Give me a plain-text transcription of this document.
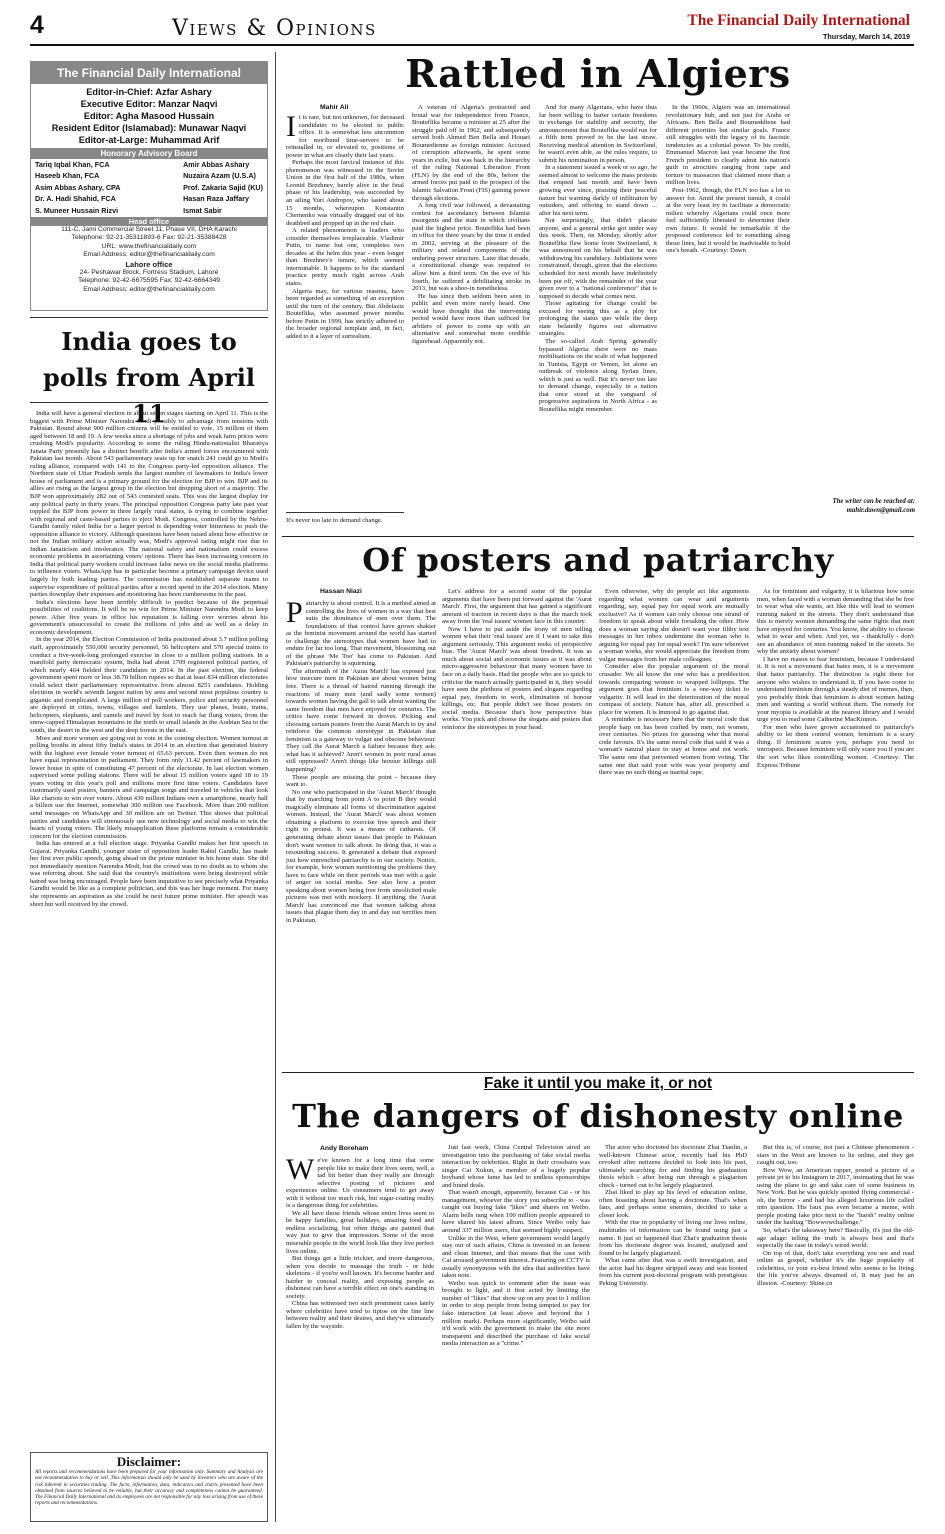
4	Views & Opinions	The Financial Daily International
Thursday, March 14, 2019
The Financial Daily International
Editor-in-Chief: Azfar Ashary
Executive Editor: Manzar Naqvi
Editor: Agha Masood Hussain
Resident Editor (Islamabad): Munawar Naqvi
Editor-at-Large: Muhammad Arif
Honorary Advisory Board
Tariq Iqbal Khan, FCA
Haseeb Khan, FCA
Asim Abbas Ashary, CPA
Dr. A. Hadi Shahid, FCA
S. Muneer Hussain Rizvi
Amir Abbas Ashary
Nuzaira Azam (U.S.A)
Prof. Zakaria Sajid (KU)
Hasan Raza Jaffary
Ismat Sabir
Head office
111-C, Jami Commercial Street 11, Phase VII, DHA Karachi
Telephone: 92-21-35311893-6 Fax: 92-21-35388428
URL: www.thefinancialdaily.com
Email Address: editor@thefinancialdaily.com
Lahore office
24- Peshawar Block, Fortress Stadium, Lahore
Telephone: 92-42-6675595 Fax: 92-42-6664349
Email Address: editor@thefinancialdaily.com
India goes to polls from April 11

India will have a general election in about seven stages starting on April 11. This is the biggest with Prime Minister Narendra Modi possibly to advantage from tensions with Pakistan. Round about 900 million citizens will be entitled to vote, 15 million of them aged between 18 and 19. A few weeks since a shortage of jobs and weak farm prices were crushing Modi's popularity. According to some the ruling Hindu-nationalist Bharatiya Janata Party presently has a distinct benefit after India's armed forces encountered with Pakistan last month. About 543 parliamentary seats up for snatch 241 could go to Modi's ruling alliance, compared with 141 to the Congress party-led opposition alliance. The Northern state of Uttar Pradesh sends the largest number of lawmakers to India's lower house of parliament and is a primary ground for the election for BJP to win. BJP and its allies are rising as the largest group in the election but dropping short of a majority. The BJP won approximately 282 out of 543 contested seats. This was the largest display for any political party in thirty years. The principal opposition Congress party late past year toppled the BJP from power in three largely rural states, is trying to combine together with regional and caste-based parties to eject Modi. Congress, controlled by the Nehru-Gandhi family ruled India for a larger period is depending voter bitterness to push the opposition alliance to victory. Although questions have been raised about how effective or not the Indian military action actually was, Modi's approval rating might rise due to Indian fanaticism and intolerance. The national safety and nationalism could excess economic problems in ascertaining voters' options. There has been increasing concern in India that political party workers could increase false news on the social media platforms to influence voters. WhatsApp has in particular become a primary campaign device used largely by both leading parties. The commission has established separate teams to supervise expenditure of political parties after a record spend in the 2014 election. Many parties downplay their expenses and monitoring has been cumbersome in the past.

India's elections have been terribly difficult to predict because of the perpetual possibilities of coalitions. It will be no win for Prime Minister Narendra Modi to keep power. After five years in office his reputation is falling over worries about his government's unsuccessful to create the millions of jobs and as well as a delay in economic development.

In the year 2014, the Election Commission of India positioned about 3.7 million polling staff, approximately 550,000 security personnel, 56 helicopters and 570 special trains to conduct a five-week-long prolonged exercise in close to a million polling stations. In a manifold party democratic system, India had about 1709 registered political parties, of which nearly 464 fielded their candidates in 2014. In the past election, the federal government spent more or less 38.70 billion rupees so that at least 834 million electorates could select their parliamentary representative from almost 8251 candidates. Holding elections in world's seventh largest nation by area and second most populous country is gigantic and complicated. A large million of poll workers, police and security personnel are deployed in cities, towns, villages and hamlets. They use planes, boats, trains, helicopters, elephants, and camels and travel by foot to reach far flung voters, from the snow-capped Himalayan mountains in the north to small islands in the Arabian Sea to the south, the desert in the west and the deep forests in the east.

More and more women are going out to vote in the coming election. Women turnout at polling booths in about fifty India's states in 2014 in an election that generated history with the highest ever female voter turnout of 65.63 percent. Even then women do not have equal representation in parliament. They form only 11.42 percent of lawmakers in lower house in spite of constituting 47 percent of the electorate. In last election women supervised some polling stations. There will be about 15 million voters aged 18 to 19 years voting in this year's poll and millions more first time voters. Candidates have customarily used posters, banners and campaign songs and traveled in vehicles that look like chariots to win over voters. About 430 million Indians own a smartphone, nearly half a billion use the Internet, somewhat 300 million use Facebook. More than 200 million send messages on WhatsApp and 30 million are on Twitter. This shows that political parties and candidates will strenuously use new technology and social media to win the hearts of young voters. The likely misapplication these platforms remain a considerable concern for the election commission.

India has entered at a full election stage. Priyanka Gandhi makes her first speech in Gujarat. Priyanka Gandhi, younger sister of opposition leader Rahul Gandhi, has made her first ever public speech, going ahead on the prime minister in his home state. She did not immediately mention Narendra Modi, but the crowd was in no doubt as to whom she was referring about. She said that the country's institutions were being destroyed while hatred was being encouraged. People have been inquisitive to see precisely what Priyanka Gandhi would be like as a complete politician, and this was her huge moment. For many she represents an aspiration as she could be next future prime minister. Her speech was short but well received by the crowd.

Disclaimer:
All reports and recommendations have been prepared for your information only. Summary and Analysis are not recommendation to buy or sell. This information should only be used by investors who are aware of the risk inherent in securities trading. The facts, information, data, indicators and charts presented have been obtained from sources believed to be reliable, but their accuracy and completeness cannot be guaranteed. The Financial Daily International and its employees are not responsible for any loss arising from use of these reports and recommendations.
Rattled in Algiers
Mahir Ali

It is rare, but not unknown, for deceased candidates to be elected to public office. It is somewhat less uncommon for moribund time-servers to be reinstalled in, or elevated to, positions of power in what are clearly their last years.

Perhaps the most farcical instance of this phenomenon was witnessed in the Soviet Union in the first half of the 1980s, when Leonid Brezhnev, barely alive in the final phase of his leadership, was succeeded by an ailing Yuri Andropov, who lasted about 15 months, whereupon Konstantin Chernenko was virtually dragged out of his deathbed and propped up in the red chair.

A related phenomenon is leaders who consider themselves irreplaceable. Vladimir Putin, to name but one, completes two decades at the helm this year - even longer than Brezhnev's tenure, which seemed interminable. It happens to be the standard practice pretty much right across Arab states.

Algeria may, for various reasons, have been regarded as something of an exception until the turn of the century. But Abdelaziz Bouteflika, who assumed power months before Putin in 1999, has strictly adhered to the broader regional template and, in fact, added to it a layer of surrealism.

It's never too late to demand change.

A veteran of Algeria's protracted and brutal war for independence from France, Bouteflika became a minister at 25 after the struggle paid off in 1962, and subsequently served both Ahmed Ben Bella and Houari Boumedienne as foreign minister. Accused of corruption afterwards, he spent some years in exile, but was back in the hierarchy of the ruling National Liberation Front (FLN) by the end of the 80s, before the armed forces put paid to the prospect of the Islamic Salvation Front (FIS) gaining power through elections.

A long civil war followed, a devastating contest for ascendancy between Islamist insurgents and the state in which civilians paid the highest price. Bouteflika had been in office for three years by the time it ended in 2002, serving at the pleasure of the military and related components of the enduring power structure. Later that decade, a constitutional change was required to allow him a third term. On the eve of his fourth, he suffered a debilitating stroke in 2013, but was a shoo-in nonetheless.

He has since then seldom been seen in public and even more rarely heard. One would have thought that the intervening period would have more than sufficed for arbiters of power to come up with an alternative and somewhat more credible figurehead. Apparently not.

And for many Algerians, who have thus far been willing to barter certain freedoms in exchange for stability and security, the announcement that Bouteflika would run for a fifth term proved to be the last straw. Receiving medical attention in Switzerland, he wasn't even able, as the rules require, to submit his nomination in person.

In a statement issued a week or so ago, he seemed almost to welcome the mass protests that erupted last month and have been growing ever since, praising their peaceful nature but warning darkly of infiltration by outsiders, and offering to stand down ... after his next term.

Not surprisingly, that didn't placate anyone, and a general strike got under way this week. Then, on Monday, shortly after Bouteflika flew home from Switzerland, it was announced on his behalf that he was withdrawing his candidacy. Jubilations were constrained, though, given that the elections scheduled for next month have indefinitely been put off, with the remainder of the year given over to a "national conference" that is supposed to decide what comes next.

Those agitating for change could be excused for seeing this as a ploy for prolonging the status quo while the deep state belatedly figures out alternative strategies.

The so-called Arab Spring generally bypassed Algeria: there were no mass mobilisations on the scale of what happened in Tunisia, Egypt or Yemen, let alone an outbreak of violence along Syrian lines, which is just as well. But it's never too late to demand change, especially in a nation that once stood at the vanguard of progressive aspirations in North Africa - as Bouteflika might remember.

In the 1960s, Algiers was an international revolutionary hub, and not just for Arabs or Africans. Ben Bella and Boumeddiene had different priorities but similar goals. France still struggles with the legacy of its fascistic tendencies as a colonial power. To his credit, Emmanuel Macron last year became the first French president to clearly admit his nation's guilt in atrocities ranging from rape and torture to massacres that claimed more than a million lives.

Post-1962, though, the FLN too has a lot to answer for. Amid the present tumult, it could at the very least try to facilitate a democratic milieu whereby Algerians could once more feel sufficiently liberated to determine their own future. It would be remarkable if the proposed conference led to something along those lines, but it would be inadvisable to hold one's breath. -Courtesy: Dawn

The writer can be reached at:
mahir.dawn@gmail.com
Of posters and patriarchy
Hassan Niazi

Patriarchy is about control. It is a method aimed at controlling the lives of women in a way that best suits the dominance of men over them. The foundations of that control have grown shakier as the feminist movement around the world has started to challenge the stereotypes that women have had to endure for far too long. That movement, blossoming out of the phrase 'Me Too' has come to Pakistan. And Pakistan's patriarchy is squirming.

The aftermath of the 'Aurat March' has exposed just how insecure men in Pakistan are about women being free. There is a thread of hatred running through the reactions of many men (and sadly some women) towards women having the gall to talk about wanting the same freedom that men have enjoyed for centuries. The critics have come forward in droves. Picking and choosing certain posters from the Aurat March to try and reinforce the common stereotype in Pakistan that feminism is a gateway to vulgar and obscene behaviour. They call the Aurat March a failure because they ask: what has it achieved? Aren't women in poor rural areas still oppressed? Aren't things like honour killings still happening?

These people are missing the point - because they want to.

No one who participated in the 'Aurat March' thought that by marching from point A to point B they would magically eliminate all forms of discrimination against women. Instead, the 'Aurat March' was about women obtaining a platform to exercise free speech and their right to protest. It was a means of catharsis. Of generating debate about issues that people in Pakistan don't want women to talk about. In doing that, it was a resounding success. It generated a debate that exposed just how entrenched patriarchy is in our society. Notice, for example, how women mentioning the problems they have to face while on their periods was met with a gale of anger on social media. See also how a poster speaking about women being free from unsolicited male pictures was met with mockery. If anything, the 'Aurat March' has convinced me that women talking about issues that plague them day in and day out terrifies men in Pakistan.

Let's address for a second some of the popular arguments that have been put forward against the 'Aurat March'. First, the argument that has gained a significant amount of traction in recent days is that the march took away from the 'real issues' women face in this country.

Now I have to put aside the irony of men telling women what their 'real issues' are if I want to take this argument seriously. This argument reeks of perspective bias. The 'Aurat March' was about freedom. It was as much about social and economic issues as it was about micro-aggressive behaviour that many women have to face on a daily basis. Had the people who are so quick to criticise the march actually participated in it, they would have seen the plethora of posters and slogans regarding equal pay, freedom to work, elimination of honour killings, etc. But people didn't see those posters on social media. Because that's how perspective bias works. You pick and choose the slogans and posters that reinforce the stereotypes in your head.

Even otherwise, why do people act like arguments regarding what women can wear and arguments regarding, say, equal pay for equal work are mutually exclusive? As if women can only choose one strand of freedom to speak about while forsaking the other. How does a woman saying she doesn't want your filthy text messages in her inbox undermine the woman who is arguing for equal pay for equal work? I'm sure wherever a woman works, she would appreciate the freedom from vulgar messages from her male colleagues.

Consider also the popular argument of the moral crusader. We all know the one who has a predilection towards comparing women to wrapped lollipops. The argument goes that feminism is a one-way ticket to vulgarity. It will lead to the deterioration of the moral compass of society. Nature has, after all, prescribed a place for women. It is immoral to go against that.

A reminder is necessary here that the moral code that people harp on has been crafted by men, not women, over centuries. No prizes for guessing who that moral code favours. It's the same moral code that said it was a woman's natural place to stay at home and not work. The same one that prevented women from voting. The same one that said your wife was your property and there was no such thing as marital rape.

As for feminism and vulgarity, it is hilarious how some men, when faced with a woman demanding that she be free to wear what she wants, act like this will lead to women running naked in the streets. They don't understand that this is merely women demanding the same rights that men have enjoyed for centuries. You know, the ability to choose what to wear and when. And yet, we - thankfully - don't see an abundance of men running naked in the streets. So why the anxiety about women?

I have no reason to fear feminism, because I understand it. It is not a movement that hates men, it is a movement that hates patriarchy. The distinction is right there for anyone who wishes to understand it. If you have come to understand feminism through a steady diet of memes, then, you probably think that feminism is about women hating men and wanting a world without them. The remedy for your myopia is available at the nearest library and I would urge you to read some Catherine MacKinnon.

For men who have grown accustomed to patriarchy's ability to let them control women, feminism is a scary thing. If feminism scares you, perhaps you need to introspect. Because feminism will only scare you if you are the sort who likes controlling women. -Courtesy: The Express Tribune

Fake it until you make it, or not
The dangers of dishonesty online
Andy Boreham

We've known for a long time that some people like to make their lives seem, well, a tad bit better than they really are through selective posting of pictures and experiences online. Us consumers tend to get away with it without too much risk, but sugar-coating reality is a dangerous thing for celebrities.

We all have those friends whose entire lives seem to be happy families, great holidays, amazing food and endless socializing, but often things are painted that way just to give that impression. Some of the most miserable people in the world look like they live perfect lives online.

But things get a little trickier, and more dangerous, when you decide to massage the truth - or hide skeletons - if you're well known. It's become harder and harder to conceal reality, and exposing people as dishonest can have a terrible effect on one's standing in society.

China has witnessed two such prominent cases lately where celebrities have tried to tiptoe on the fine line between reality and their desires, and they've ultimately fallen by the wayside.

Just last week, China Central Television aired an investigation into the purchasing of fake social media interaction by celebrities. Right in their crosshairs was singer Cai Xukun, a member of a hugely popular boyband whose fame has led to endless sponsorships and brand deals.

That wasn't enough, apparently, because Cai - or his management, whoever the story you subscribe to - was caught out buying fake "likes" and shares on Weibo. Alarm bells rang when 100 million people appeared to have shared his latest album. Since Weibo only has around 337 million users, that seemed highly suspect.

Unlike in the West, where government would largely stay out of such affairs, China is invested in an honest and clean Internet, and that means that the case with Cai aroused government interest. Featuring on CCTV is usually synonymous with the idea that authorities have taken note.

Weibo was quick to comment after the issue was brought to light, and it first acted by limiting the number of "likes" that show up on any post to 1 million in order to stop people from being tempted to pay for fake interaction (at least above and beyond the 1 million mark). Perhaps more significantly, Weibo said it'd work with the government to make the site more transparent and described the purchase of fake social media interaction as a "crime."

The actor who doctored his doctorate Zhai Tianlin, a well-known Chinese actor, recently had his PhD revoked after netizens decided to look into his past, ultimately searching for and finding his graduation thesis which - after being run through a plagiarism check - turned out to be largely plagiarized.

Zhai liked to play up his level of education online, often boasting about having a doctorate. That's when fans, and perhaps some enemies, decided to take a closer look.

With the rise in popularity of living our lives online, multitudes of information can be found using just a name. It just so happened that Zhai's graduation thesis from his doctorate degree was located, analyzed and found to be largely plagiarized.

What came after that was a swift investigation, and the actor had his degree stripped away and was booted from his current post-doctoral program with prestigious Peking University.

But this is, of course, not just a Chinese phenomenon - stars in the West are known to lie online, and they get caught out, too.

Bow Wow, an American rapper, posted a picture of a private jet to his Instagram in 2017, insinuating that he was using the plane to go and take care of some business in New York. But he was quickly spotted flying commercial - oh, the horror - and had his alleged luxurious life called into question. His faux pas even became a meme, with people posting fake pics next to the "harsh" reality online under the hashtag "Bowwowchallenge."

So, what's the takeaway here? Basically, it's just the old-age adage: telling the truth is always best and that's especially the case in today's wired world.

On top of that, don't take everything you see and read online as gospel, whether it's the huge popularity of celebrities, or your ex-best friend who seems to be living the life you've always dreamed of. It may just be an illusion. -Courtesy: Shine.cn
